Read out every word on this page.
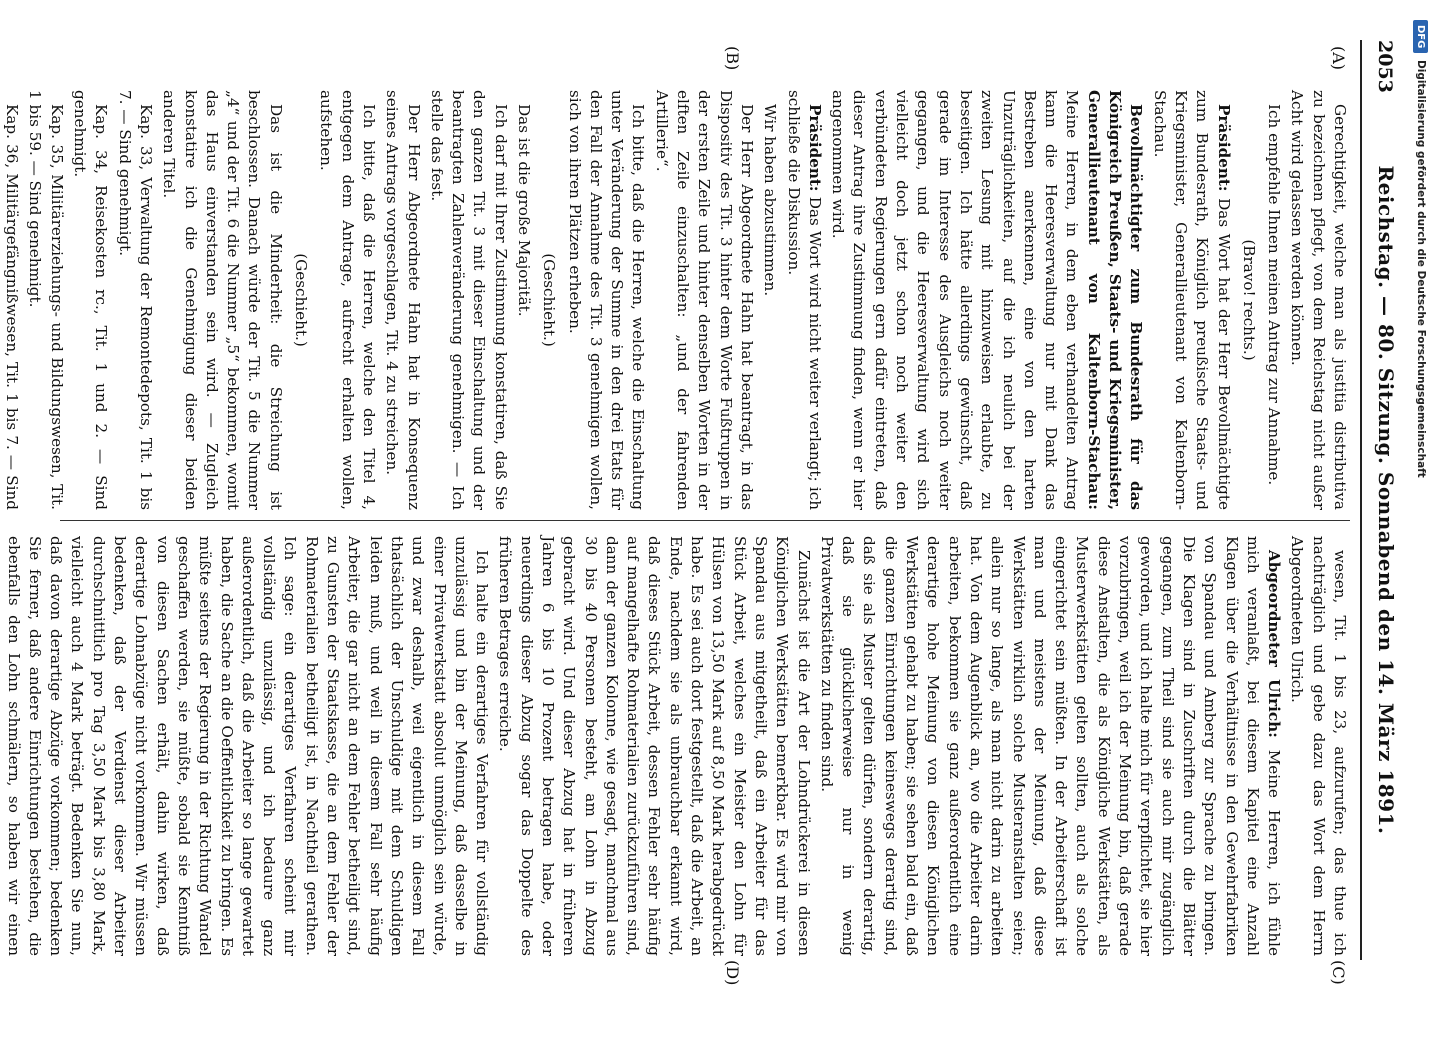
2053
Reichstag. — 80. Sitzung. Sonnabend den 14. März 1891.
(A)
(B)
(C)
(D)

Gerechtigkeit, welche man als justitia distributiva zu bezeichnen pflegt, von dem Reichstag nicht außer Acht wird gelassen werden können.

Ich empfehle Ihnen meinen Antrag zur Annahme.

(Bravo! rechts.)

Präsident: Das Wort hat der Herr Bevollmächtigte zum Bundesrath, Königlich preußische Staats- und Kriegsminister, Generallieutenant von Kaltenborn-Stachau.

Bevollmächtigter zum Bundesrath für das Königreich Preußen, Staats- und Kriegsminister, Generallieutenant von Kaltenborn-Stachau: Meine Herren, in dem eben verhandelten Antrag kann die Heeresverwaltung nur mit Dank das Bestreben anerkennen, eine von den harten Unzuträglichkeiten, auf die ich neulich bei der zweiten Lesung mit hinzuweisen erlaubte, zu beseitigen. Ich hätte allerdings gewünscht, daß gerade im Interesse des Ausgleichs noch weiter gegangen, und die Heeresverwaltung wird sich vielleicht doch jetzt schon noch weiter den verbündeten Regierungen gern dafür eintreten, daß dieser Antrag ihre Zustimmung finden, wenn er hier angenommen wird.

Präsident: Das Wort wird nicht weiter verlangt; ich schließe die Diskussion.

Wir haben abzustimmen.

Der Herr Abgeordnete Hahn hat beantragt, in das Dispositiv des Tit. 3 hinter dem Worte Fußtruppen in der ersten Zeile und hinter denselben Worten in der elften Zeile einzuschalten: „und der fahrenden Artillerie“.

Ich bitte, daß die Herren, welche die Einschaltung unter Veränderung der Summe in den drei Etats für den Fall der Annahme des Tit. 3 genehmigen wollen, sich von ihren Plätzen erheben.

(Geschieht.)

Das ist die große Majorität.

Ich darf mit Ihrer Zustimmung konstatiren, daß Sie den ganzen Tit. 3 mit dieser Einschaltung und der beantragten Zahlenveränderung genehmigen. — Ich stelle das fest.

Der Herr Abgeordnete Hahn hat in Konsequenz seines Antrags vorgeschlagen, Tit. 4 zu streichen.

Ich bitte, daß die Herren, welche den Titel 4, entgegen dem Antrage, aufrecht erhalten wollen, aufstehen.

(Geschieht.)

Das ist die Minderheit: die Streichung ist beschlossen. Danach würde der Tit. 5 die Nummer „4“ und der Tit. 6 die Nummer „5“ bekommen, womit das Haus einverstanden sein wird. — Zugleich konstatire ich die Genehmigung dieser beiden anderen Titel.

Kap. 33, Verwaltung der Remontedepots, Tit. 1 bis 7. — Sind genehmigt.

Kap. 34, Reisekosten rc., Tit. 1 und 2. — Sind genehmigt.

Kap. 35, Militärerziehungs- und Bildungswesen, Tit. 1 bis 59. — Sind genehmigt.

Kap. 36, Militärgefängnißwesen, Tit. 1 bis 7. — Sind

wesen, Tit. 1 bis 23, aufzurufen; das thue ich nachträglich und gebe dazu das Wort dem Herrn Abgeordneten Ulrich.

Abgeordneter Ulrich: Meine Herren, ich fühle mich veranlaßt, bei diesem Kapitel eine Anzahl Klagen über die Verhältnisse in den Gewehrfabriken von Spandau und Amberg zur Sprache zu bringen. Die Klagen sind in Zuschriften durch die Blätter gegangen, zum Theil sind sie auch mir zugänglich geworden, und ich halte mich für verpflichtet, sie hier vorzubringen, weil ich der Meinung bin, daß gerade diese Anstalten, die als Königliche Werkstätten, als Musterwerkstätten gelten sollten, auch als solche eingerichtet sein müßten. In der Arbeiterschaft ist man und meistens der Meinung, daß diese Werkstätten wirklich solche Musteranstalten seien; allein nur so lange, als man nicht darin zu arbeiten hat. Von dem Augenblick an, wo die Arbeiter darin arbeiten, bekommen sie ganz außerordentlich eine derartige hohe Meinung von diesen Königlichen Werkstätten gehabt zu haben; sie sehen bald ein, daß die ganzen Einrichtungen keineswegs derartig sind, daß sie als Muster gelten dürfen, sondern derartig, daß sie glücklicherweise nur in wenig Privatwerkstätten zu finden sind.

Zunächst ist die Art der Lohndrückerei in diesen Königlichen Werkstätten bemerkbar. Es wird mir von Spandau aus mitgetheilt, daß ein Arbeiter für das Stück Arbeit, welches ein Meister den Lohn für Hülsen von 13,50 Mark auf 8,50 Mark herabgedrückt habe. Es sei auch dort festgestellt, daß die Arbeit, an Ende, nachdem sie als unbrauchbar erkannt wird, daß dieses Stück Arbeit, dessen Fehler sehr häufig auf mangelhafte Rohmaterialien zurückzuführen sind, dann der ganzen Kolonne, wie gesagt, manchmal aus 30 bis 40 Personen besteht, am Lohn in Abzug gebracht wird. Und dieser Abzug hat in früheren Jahren 6 bis 10 Prozent betragen habe, oder neuerdings dieser Abzug sogar das Doppelte des früheren Betrages erreiche.

Ich halte ein derartiges Verfahren für vollständig unzulässig und bin der Meinung, daß dasselbe in einer Privatwerkstatt absolut unmöglich sein würde, und zwar deshalb, weil eigentlich in diesem Fall thatsächlich der Unschuldige mit dem Schuldigen leiden muß, und weil in diesem Fall sehr häufig Arbeiter, die gar nicht an dem Fehler betheiligt sind, zu Gunsten der Staatskasse, die an dem Fehler der Rohmaterialien betheiligt ist, in Nachtheil gerathen. Ich sage: ein derartiges Verfahren scheint mir vollständig unzulässig, und ich bedaure ganz außerordentlich, daß die Arbeiter so lange gewartet haben, die Sache an die Oeffentlichkeit zu bringen. Es müßte seitens der Regierung in der Richtung Wandel geschaffen werden, sie müßte, sobald sie Kenntniß von diesen Sachen erhält, dahin wirken, daß derartige Lohnabzüge nicht vorkommen. Wir müssen bedenken, daß der Verdienst dieser Arbeiter durchschnittlich pro Tag 3,50 Mark bis 3,80 Mark, vielleicht auch 4 Mark beträgt. Bedenken Sie nun, daß davon derartige Abzüge vorkommen; bedenken Sie ferner, daß andere Einrichtungen bestehen, die ebenfalls den Lohn schmälern, so haben wir einen

DFG
Digitalisierung gefördert durch die Deutsche Forschungsgemeinschaft
